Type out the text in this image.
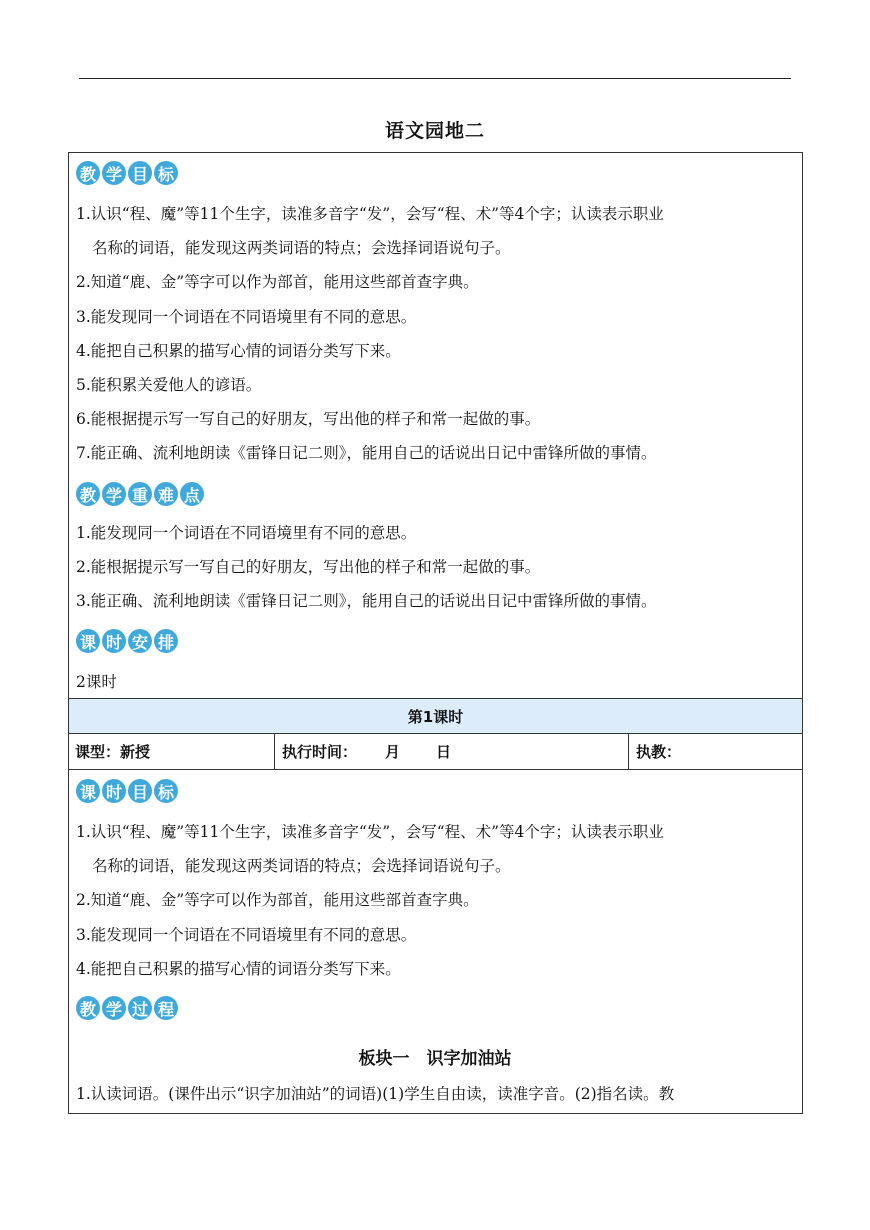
语文园地二
教 学 目 标
1.认识“程、魔”等11个生字，读准多音字“发”，会写“程、术”等4个字；认读表示职业
名称的词语，能发现这两类词语的特点；会选择词语说句子。
2.知道“鹿、金”等字可以作为部首，能用这些部首查字典。
3.能发现同一个词语在不同语境里有不同的意思。
4.能把自己积累的描写心情的词语分类写下来。
5.能积累关爱他人的谚语。
6.能根据提示写一写自己的好朋友，写出他的样子和常一起做的事。
7.能正确、流利地朗读《雷锋日记二则》，能用自己的话说出日记中雷锋所做的事情。
教 学 重 难 点
1.能发现同一个词语在不同语境里有不同的意思。
2.能根据提示写一写自己的好朋友，写出他的样子和常一起做的事。
3.能正确、流利地朗读《雷锋日记二则》，能用自己的话说出日记中雷锋所做的事情。
课 时 安 排
2课时
第1课时
课型：新授	执行时间： 月 日	执教：
课 时 目 标
1.认识“程、魔”等11个生字，读准多音字“发”，会写“程、术”等4个字；认读表示职业
名称的词语，能发现这两类词语的特点；会选择词语说句子。
2.知道“鹿、金”等字可以作为部首，能用这些部首查字典。
3.能发现同一个词语在不同语境里有不同的意思。
4.能把自己积累的描写心情的词语分类写下来。
教 学 过 程
板块一　识字加油站
1.认读词语。(课件出示“识字加油站”的词语)(1)学生自由读，读准字音。(2)指名读。教
